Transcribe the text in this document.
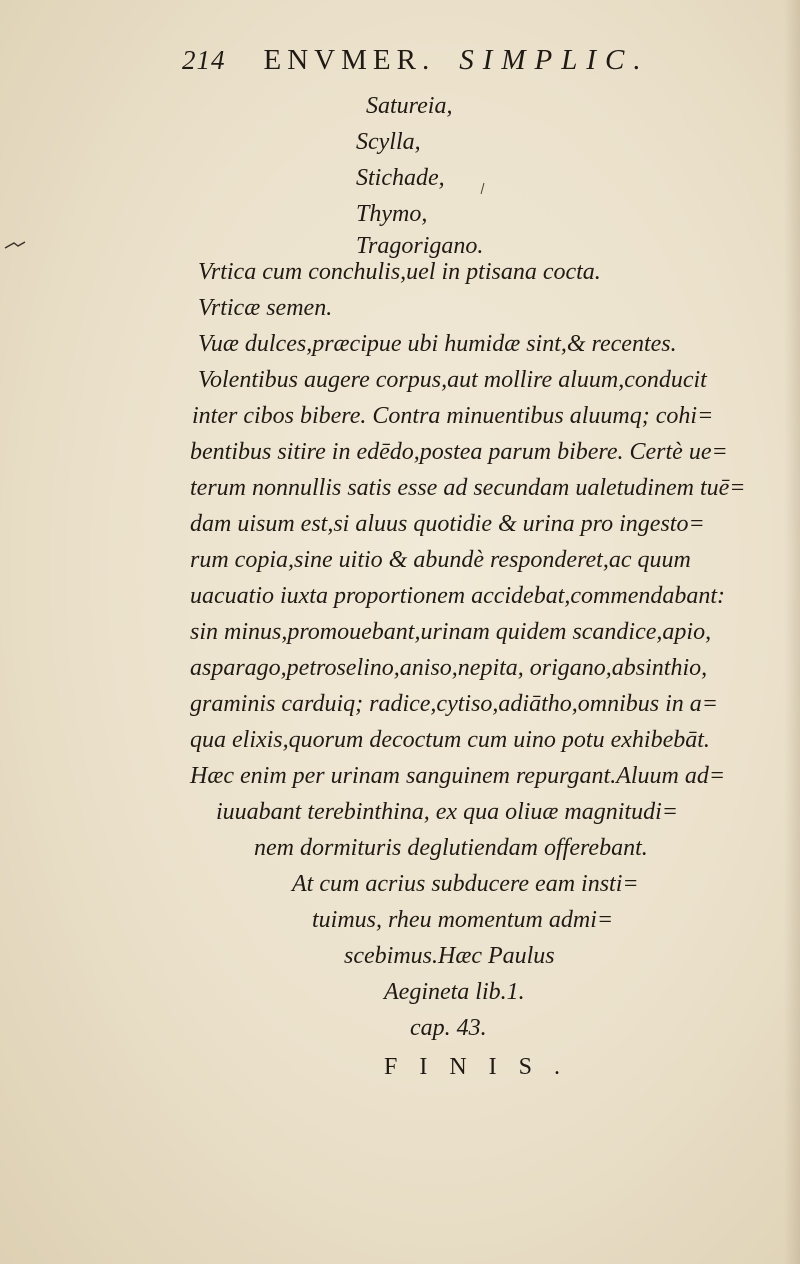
214 ENVMER. SIMPLIC.
Satureia,
Scylla,
Stichade,
Thymo,
Tragorigano.
Vrtica cum conchulis,uel in ptisana cocta.
Vrticæ semen.
Vuæ dulces,præcipue ubi humidæ sint,& recentes.
Volentibus augere corpus,aut mollire aluum,conducit
inter cibos bibere. Contra minuentibus aluumq; cohi=
bentibus sitire in edēdo,postea parum bibere. Certè ue=
terum nonnullis satis esse ad secundam ualetudinem tuē=
dam uisum est,si aluus quotidie & urina pro ingesto=
rum copia,sine uitio & abundè responderet,ac quum
uacuatio iuxta proportionem accidebat,commendabant:
sin minus,promouebant,urinam quidem scandice,apio,
asparago,petroselino,aniso,nepita, origano,absinthio,
graminis carduiq; radice,cytiso,adiātho,omnibus in a=
qua elixis,quorum decoctum cum uino potu exhibebāt.
Hæc enim per urinam sanguinem repurgant.Aluum ad=
iuuabant terebinthina, ex qua oliuæ magnitudi=
nem dormituris deglutiendam offerebant.
At cum acrius subducere eam insti=
tuimus, rheu momentum admi=
scebimus.Hæc Paulus
Aegineta lib.1.
cap. 43.
FINIS.
